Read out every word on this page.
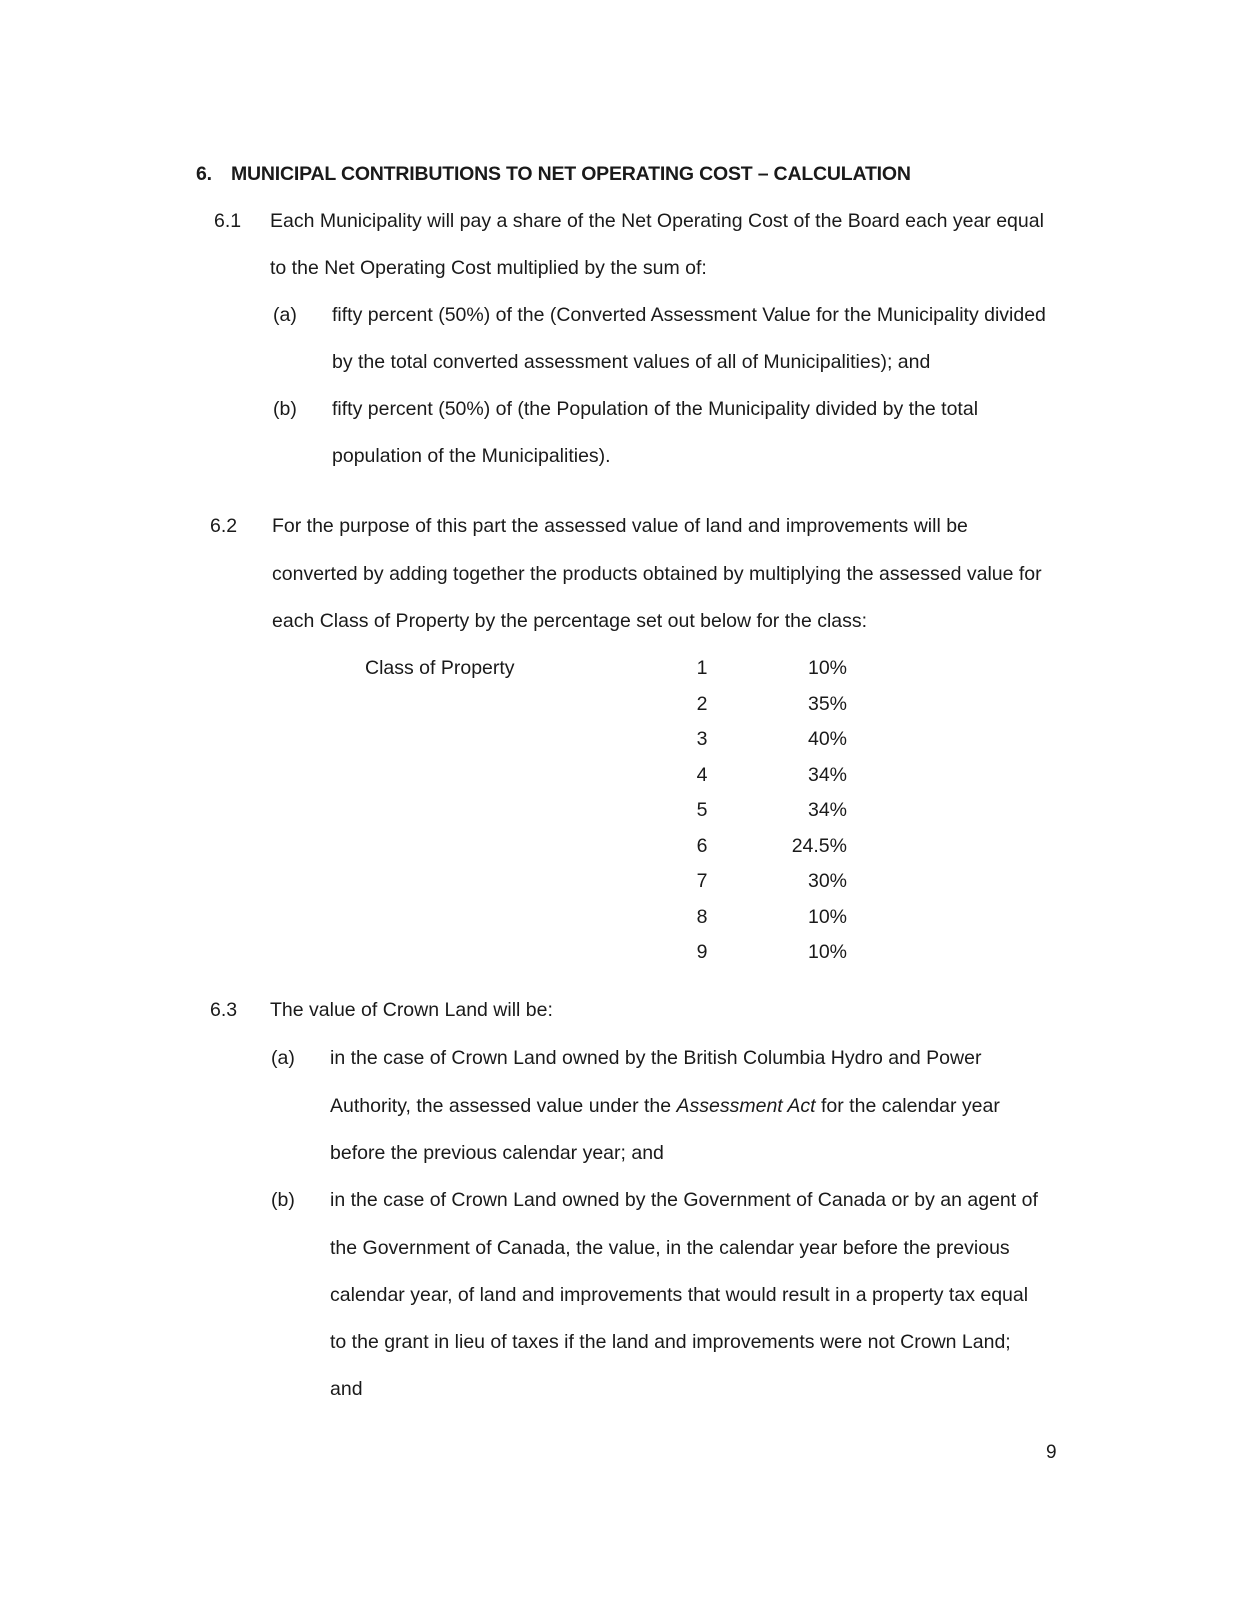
6. MUNICIPAL CONTRIBUTIONS TO NET OPERATING COST – CALCULATION
6.1 Each Municipality will pay a share of the Net Operating Cost of the Board each year equal
to the Net Operating Cost multiplied by the sum of:
(a) fifty percent (50%) of the (Converted Assessment Value for the Municipality divided
by the total converted assessment values of all of Municipalities); and
(b) fifty percent (50%) of (the Population of the Municipality divided by the total
population of the Municipalities).
6.2 For the purpose of this part the assessed value of land and improvements will be
converted by adding together the products obtained by multiplying the assessed value for
each Class of Property by the percentage set out below for the class:
Class of Property	1	10%
2	35%
3	40%
4	34%
5	34%
6	24.5%
7	30%
8	10%
9	10%
6.3 The value of Crown Land will be:
(a) in the case of Crown Land owned by the British Columbia Hydro and Power
Authority, the assessed value under the Assessment Act for the calendar year
before the previous calendar year; and
(b) in the case of Crown Land owned by the Government of Canada or by an agent of
the Government of Canada, the value, in the calendar year before the previous
calendar year, of land and improvements that would result in a property tax equal
to the grant in lieu of taxes if the land and improvements were not Crown Land;
and
9
